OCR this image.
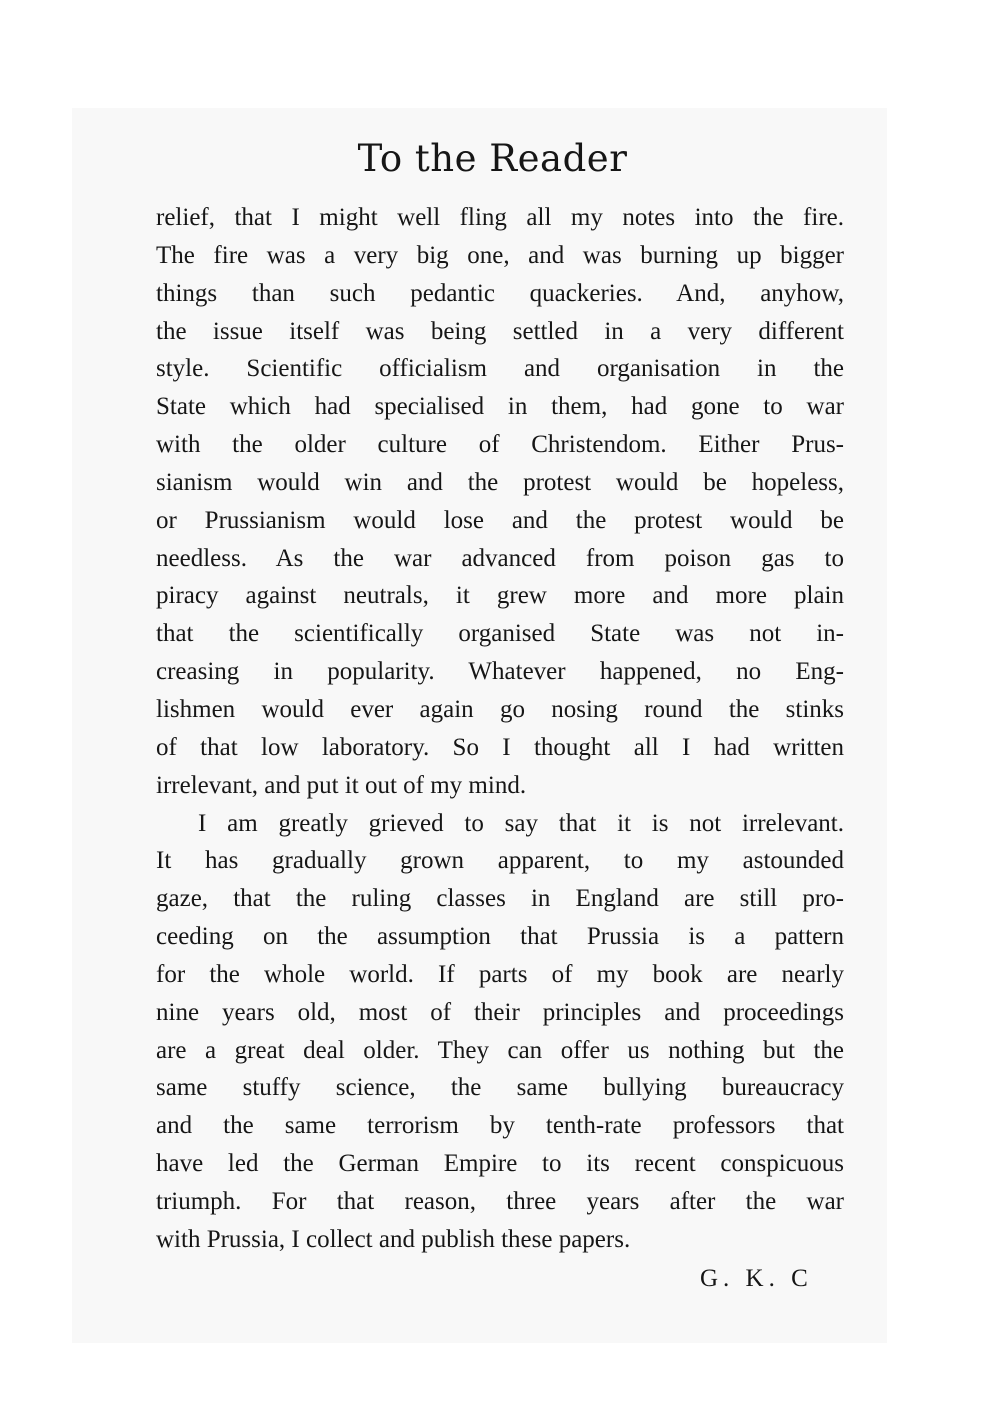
To the Reader
relief, that I might well fling all my notes into the fire.
The fire was a very big one, and was burning up bigger
things than such pedantic quackeries. And, anyhow,
the issue itself was being settled in a very different
style. Scientific officialism and organisation in the
State which had specialised in them, had gone to war
with the older culture of Christendom. Either Prus-
sianism would win and the protest would be hopeless,
or Prussianism would lose and the protest would be
needless. As the war advanced from poison gas to
piracy against neutrals, it grew more and more plain
that the scientifically organised State was not in-
creasing in popularity. Whatever happened, no Eng-
lishmen would ever again go nosing round the stinks
of that low laboratory. So I thought all I had written
irrelevant, and put it out of my mind.
I am greatly grieved to say that it is not irrelevant.
It has gradually grown apparent, to my astounded
gaze, that the ruling classes in England are still pro-
ceeding on the assumption that Prussia is a pattern
for the whole world. If parts of my book are nearly
nine years old, most of their principles and proceedings
are a great deal older. They can offer us nothing but the
same stuffy science, the same bullying bureaucracy
and the same terrorism by tenth-rate professors that
have led the German Empire to its recent conspicuous
triumph. For that reason, three years after the war
with Prussia, I collect and publish these papers.
G. K. C
